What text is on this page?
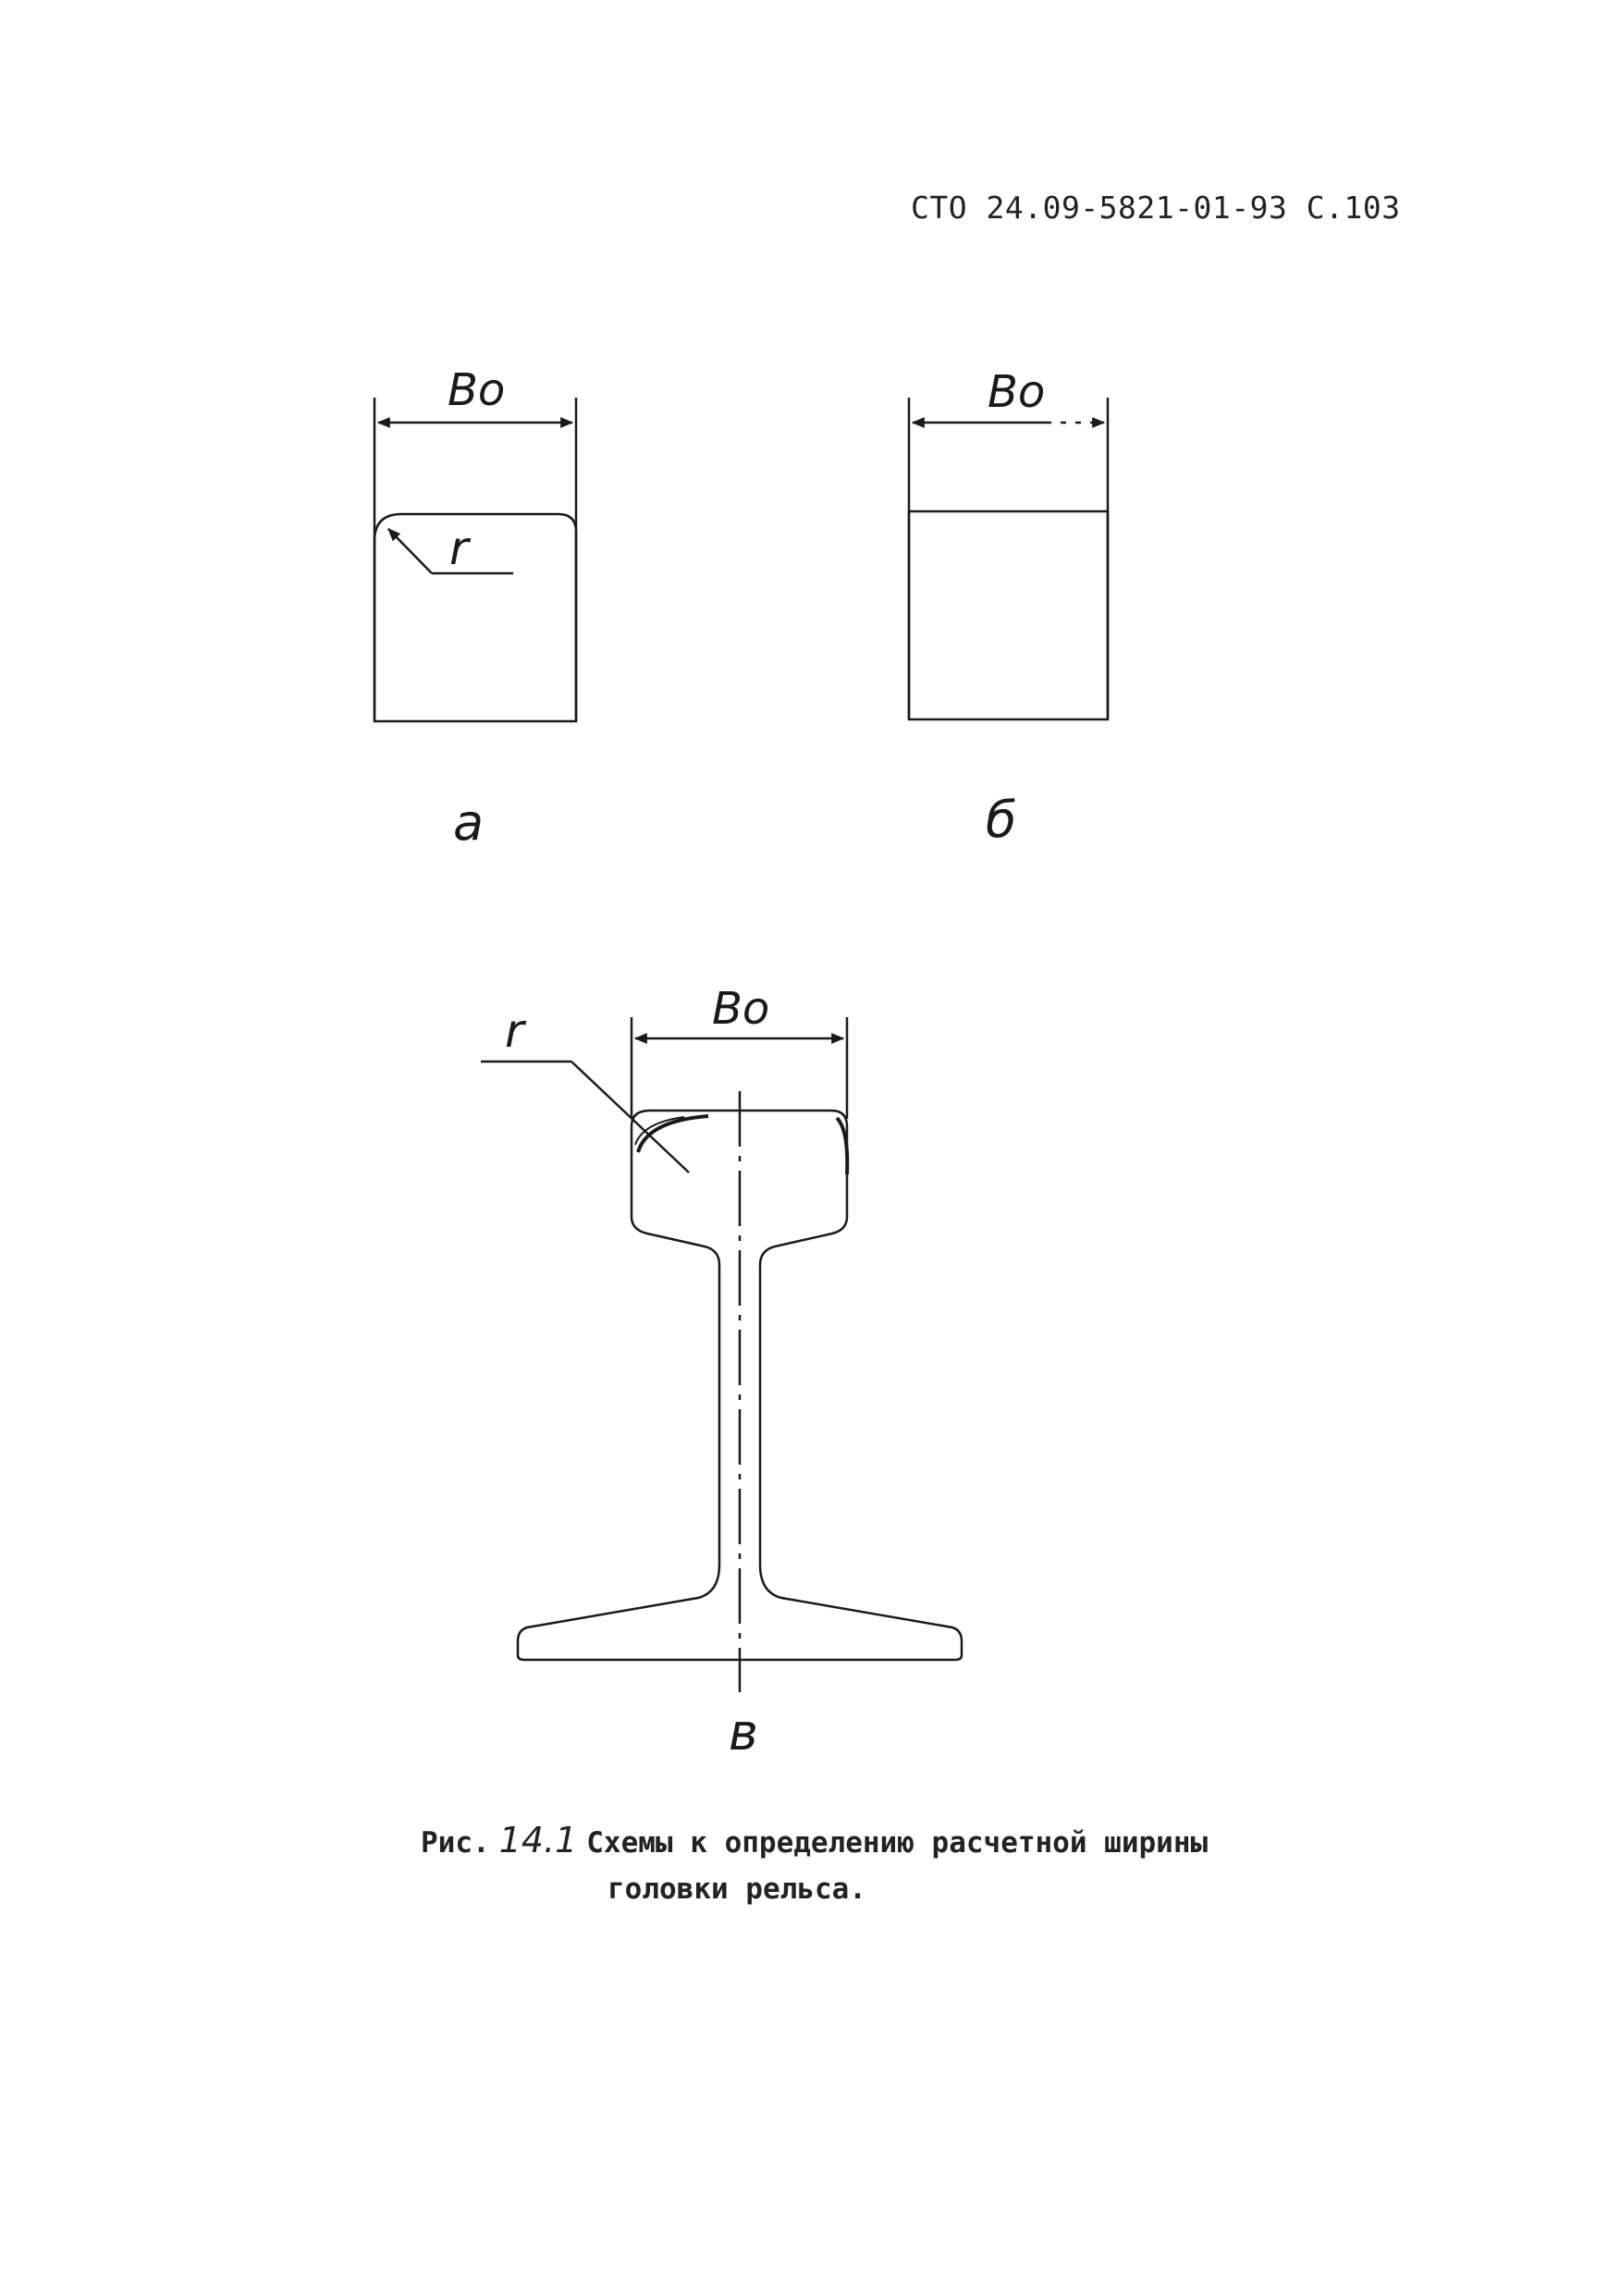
СТО 24.09-5821-01-93 С.103
Bo
r
а
Bo
б
Bo
r
в
Рис. 14.1 Схемы к определению расчетной ширины
головки рельса.
